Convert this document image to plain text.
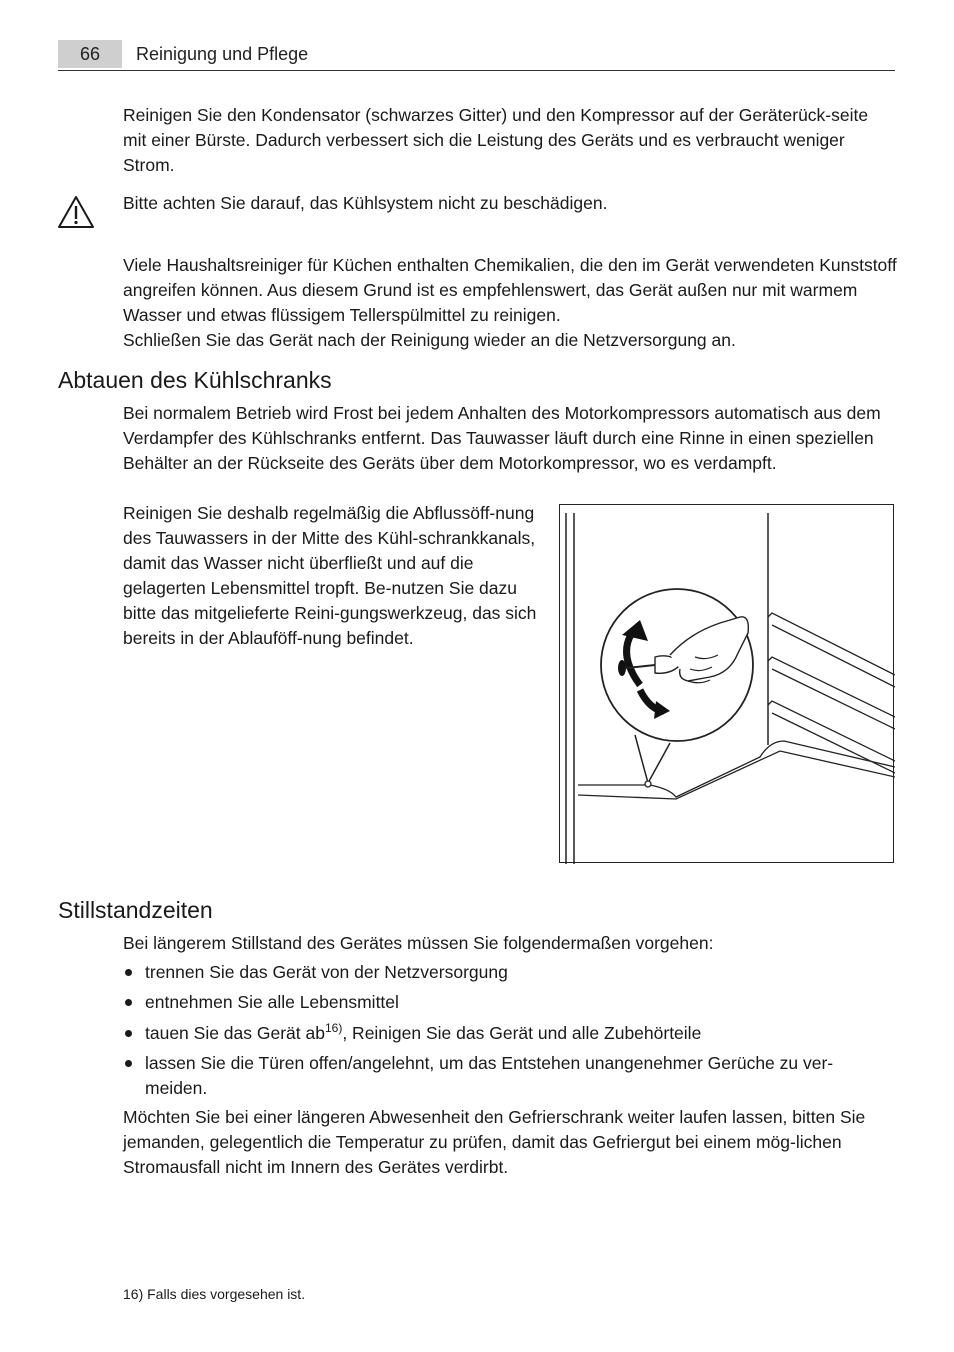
66	Reinigung und Pflege

Reinigen Sie den Kondensator (schwarzes Gitter) und den Kompressor auf der Geräterück-seite mit einer Bürste. Dadurch verbessert sich die Leistung des Geräts und es verbraucht weniger Strom.

Bitte achten Sie darauf, das Kühlsystem nicht zu beschädigen.

Viele Haushaltsreiniger für Küchen enthalten Chemikalien, die den im Gerät verwendeten Kunststoff angreifen können. Aus diesem Grund ist es empfehlenswert, das Gerät außen nur mit warmem Wasser und etwas flüssigem Tellerspülmittel zu reinigen.

Schließen Sie das Gerät nach der Reinigung wieder an die Netzversorgung an.

Abtauen des Kühlschranks

Bei normalem Betrieb wird Frost bei jedem Anhalten des Motorkompressors automatisch aus dem Verdampfer des Kühlschranks entfernt. Das Tauwasser läuft durch eine Rinne in einen speziellen Behälter an der Rückseite des Geräts über dem Motorkompressor, wo es verdampft.

Reinigen Sie deshalb regelmäßig die Abflussöff-nung des Tauwassers in der Mitte des Kühl-schrankkanals, damit das Wasser nicht überfließt und auf die gelagerten Lebensmittel tropft. Be-nutzen Sie dazu bitte das mitgelieferte Reini-gungswerkzeug, das sich bereits in der Ablauföff-nung befindet.

Stillstandzeiten

Bei längerem Stillstand des Gerätes müssen Sie folgendermaßen vorgehen:

trennen Sie das Gerät von der Netzversorgung
entnehmen Sie alle Lebensmittel
tauen Sie das Gerät $ab^{16)}$, Reinigen Sie das Gerät und alle Zubehörteile
lassen Sie die Türen offen/angelehnt, um das Entstehen unangenehmer Gerüche zu ver-meiden.

Möchten Sie bei einer längeren Abwesenheit den Gefrierschrank weiter laufen lassen, bitten Sie jemanden, gelegentlich die Temperatur zu prüfen, damit das Gefriergut bei einem mög-lichen Stromausfall nicht im Innern des Gerätes verdirbt.

16) Falls dies vorgesehen ist.
